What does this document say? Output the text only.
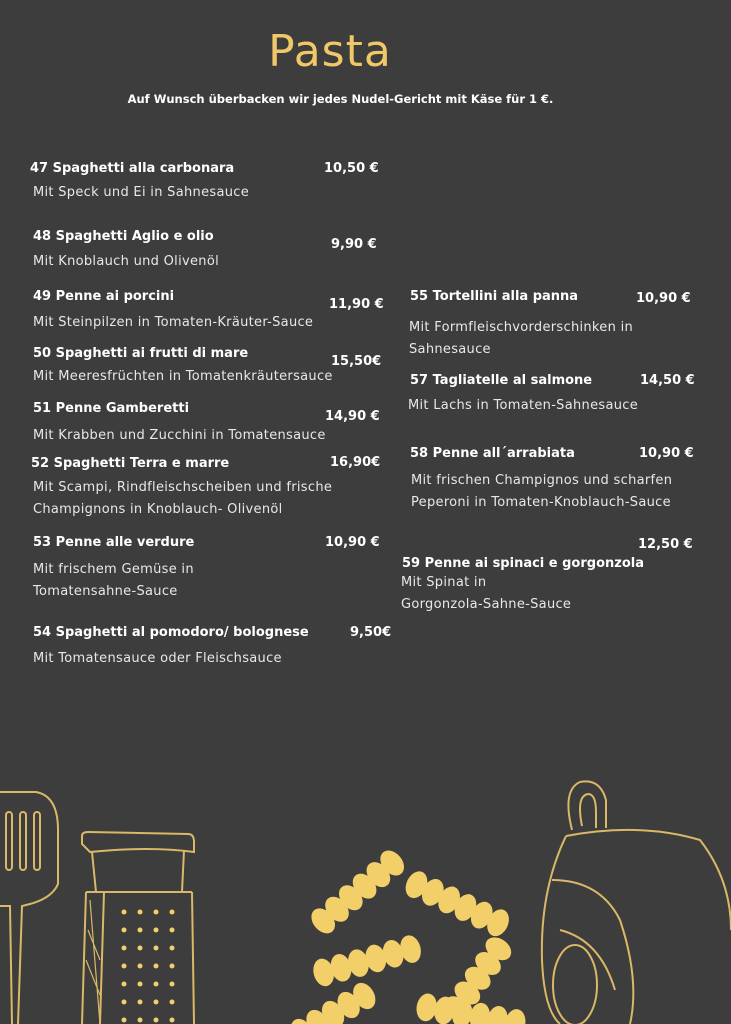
Pasta
Auf Wunsch überbacken wir jedes Nudel-Gericht mit Käse für 1 €.
47 Spaghetti alla carbonara	10,50 €
Mit Speck und Ei in Sahnesauce
48 Spaghetti Aglio e olio
9,90 €
Mit Knoblauch und Olivenöl
49 Penne ai porcini
11,90 €
Mit Steinpilzen in Tomaten-Kräuter-Sauce
50 Spaghetti ai frutti di mare
15,50€
Mit Meeresfrüchten in Tomatenkräutersauce
51 Penne Gamberetti
14,90 €
Mit Krabben und Zucchini in Tomatensauce
52 Spaghetti Terra e marre	16,90€
Mit Scampi, Rindfleischscheiben und frische
Champignons in Knoblauch- Olivenöl
53 Penne alle verdure	10,90 €
Mit frischem Gemüse in
Tomatensahne-Sauce
54 Spaghetti al pomodoro/ bolognese	9,50€
Mit Tomatensauce oder Fleischsauce
55 Tortellini alla panna	10,90 €
Mit Formfleischvorderschinken in
Sahnesauce
57 Tagliatelle al salmone	14,50 €
Mit Lachs in Tomaten-Sahnesauce
58 Penne all´arrabiata	10,90 €
Mit frischen Champignos und scharfen
Peperoni in Tomaten-Knoblauch-Sauce
12,50 €
59 Penne ai spinaci e gorgonzola
Mit Spinat in
Gorgonzola-Sahne-Sauce
